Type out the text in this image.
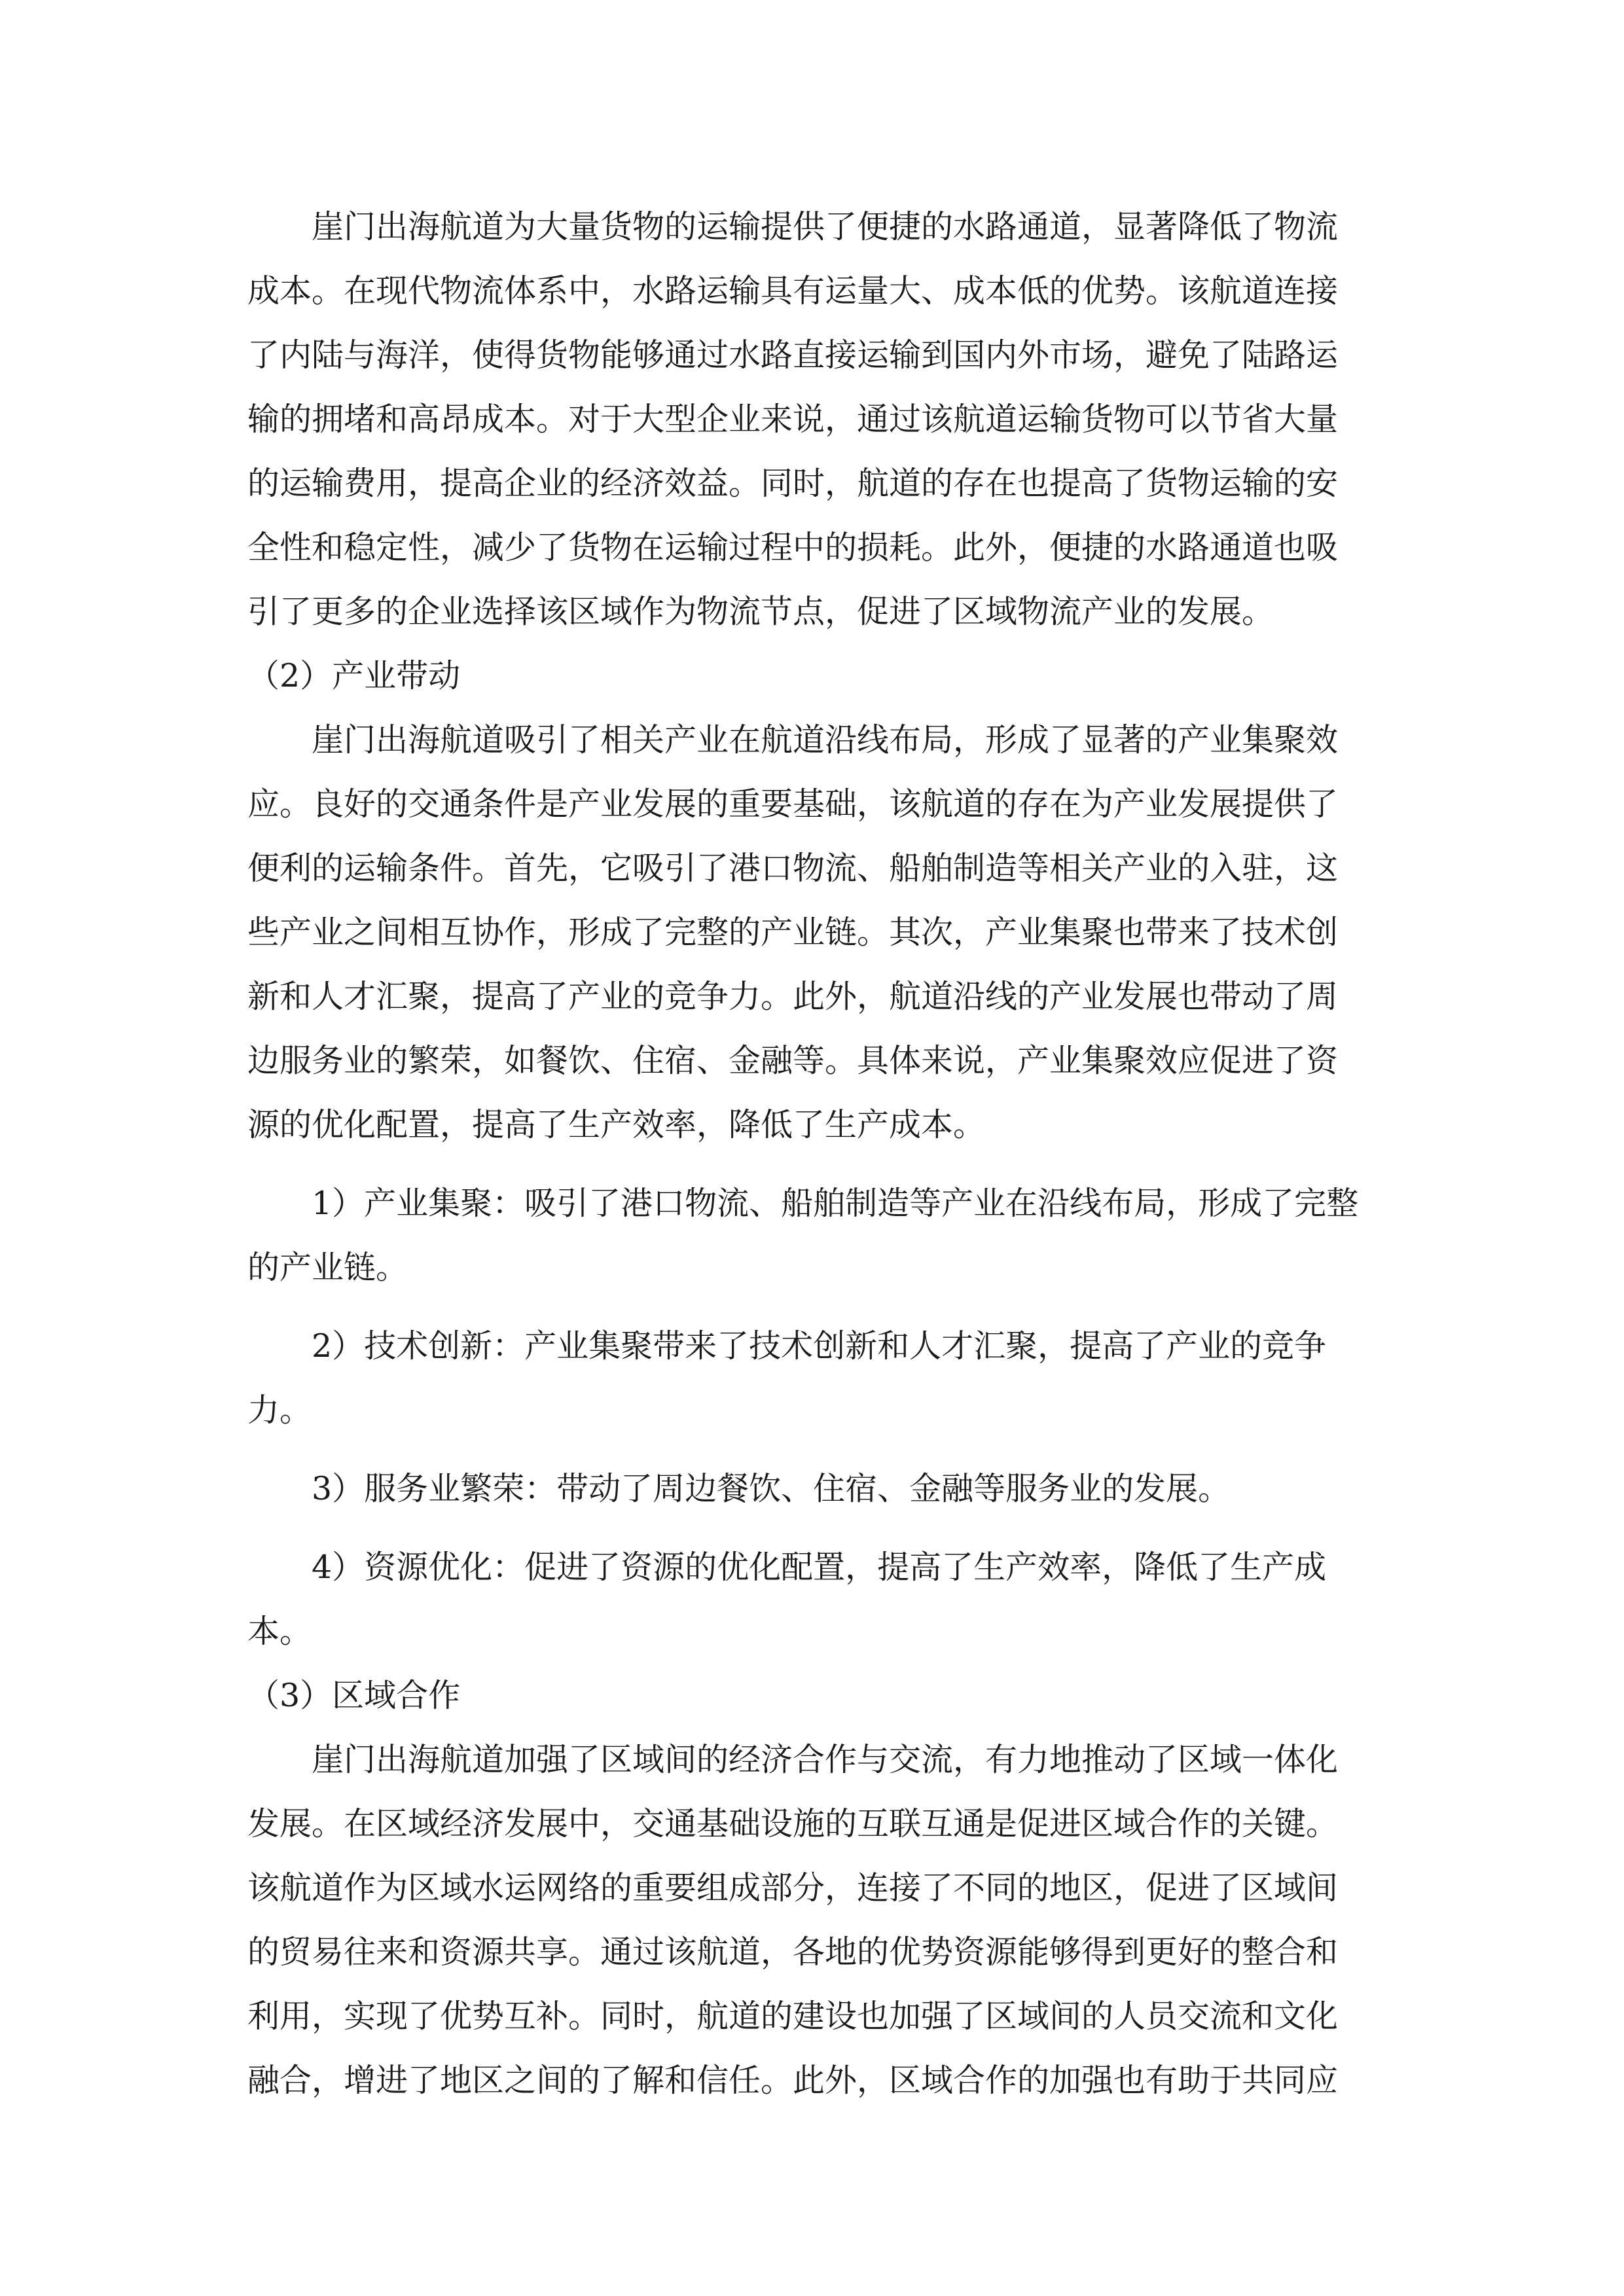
崖门出海航道为大量货物的运输提供了便捷的水路通道，显著降低了物流

成本。在现代物流体系中，水路运输具有运量大、成本低的优势。该航道连接

了内陆与海洋，使得货物能够通过水路直接运输到国内外市场，避免了陆路运

输的拥堵和高昂成本。对于大型企业来说，通过该航道运输货物可以节省大量

的运输费用，提高企业的经济效益。同时，航道的存在也提高了货物运输的安

全性和稳定性，减少了货物在运输过程中的损耗。此外，便捷的水路通道也吸

引了更多的企业选择该区域作为物流节点，促进了区域物流产业的发展。

（2）产业带动

崖门出海航道吸引了相关产业在航道沿线布局，形成了显著的产业集聚效

应。良好的交通条件是产业发展的重要基础，该航道的存在为产业发展提供了

便利的运输条件。首先，它吸引了港口物流、船舶制造等相关产业的入驻，这

些产业之间相互协作，形成了完整的产业链。其次，产业集聚也带来了技术创

新和人才汇聚，提高了产业的竞争力。此外，航道沿线的产业发展也带动了周

边服务业的繁荣，如餐饮、住宿、金融等。具体来说，产业集聚效应促进了资

源的优化配置，提高了生产效率，降低了生产成本。

1）产业集聚：吸引了港口物流、船舶制造等产业在沿线布局，形成了完整

的产业链。

2）技术创新：产业集聚带来了技术创新和人才汇聚，提高了产业的竞争

力。

3）服务业繁荣：带动了周边餐饮、住宿、金融等服务业的发展。

4）资源优化：促进了资源的优化配置，提高了生产效率，降低了生产成

本。

（3）区域合作

崖门出海航道加强了区域间的经济合作与交流，有力地推动了区域一体化

发展。在区域经济发展中，交通基础设施的互联互通是促进区域合作的关键。

该航道作为区域水运网络的重要组成部分，连接了不同的地区，促进了区域间

的贸易往来和资源共享。通过该航道，各地的优势资源能够得到更好的整合和

利用，实现了优势互补。同时，航道的建设也加强了区域间的人员交流和文化

融合，增进了地区之间的了解和信任。此外，区域合作的加强也有助于共同应
